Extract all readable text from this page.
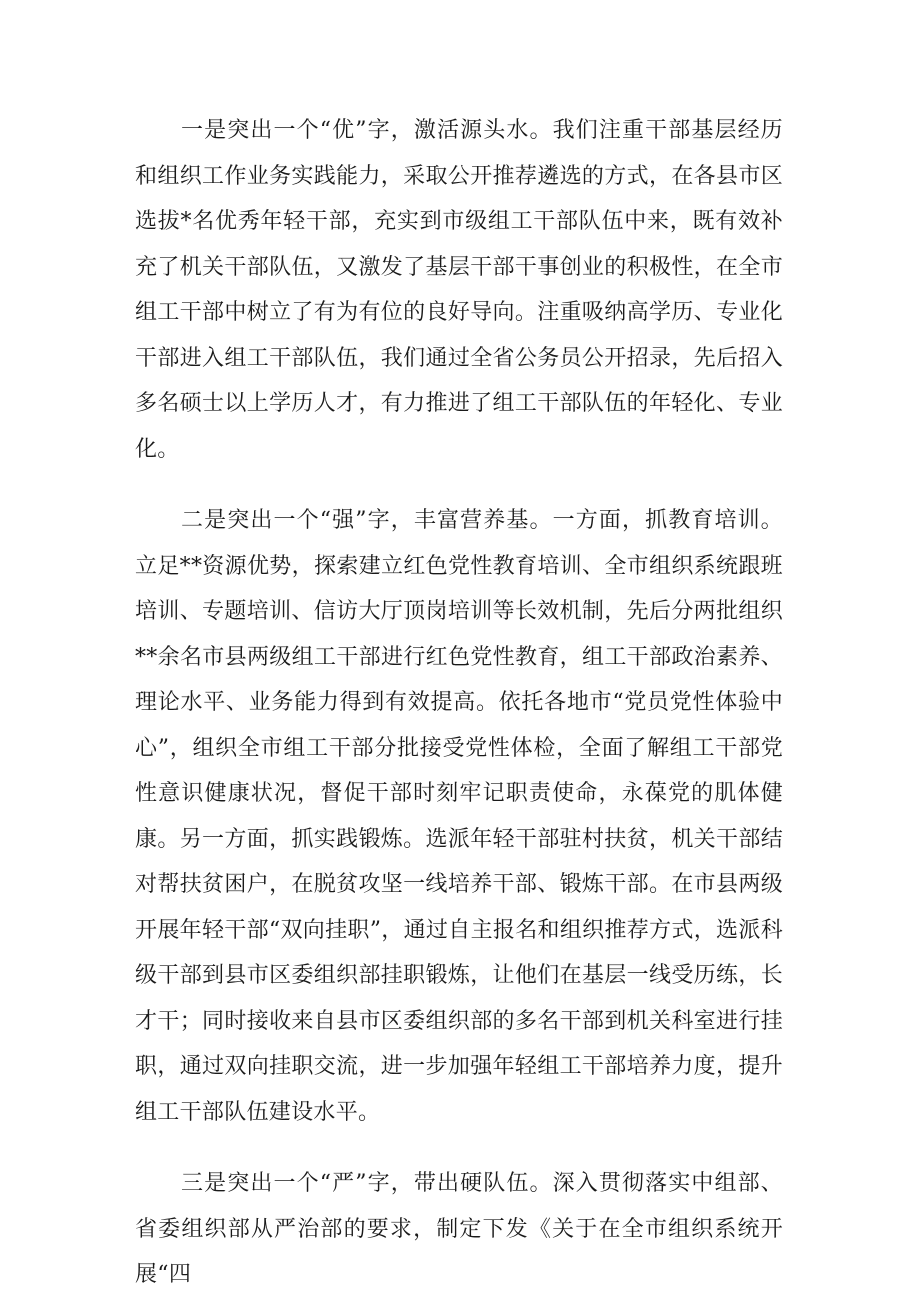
一是突出一个“优”字，激活源头水。我们注重干部基层经历和组织工作业务实践能力，采取公开推荐遴选的方式，在各县市区选拔*名优秀年轻干部，充实到市级组工干部队伍中来，既有效补充了机关干部队伍，又激发了基层干部干事创业的积极性，在全市组工干部中树立了有为有位的良好导向。注重吸纳高学历、专业化干部进入组工干部队伍，我们通过全省公务员公开招录，先后招入多名硕士以上学历人才，有力推进了组工干部队伍的年轻化、专业化。

二是突出一个“强”字，丰富营养基。一方面，抓教育培训。立足**资源优势，探索建立红色党性教育培训、全市组织系统跟班培训、专题培训、信访大厅顶岗培训等长效机制，先后分两批组织**余名市县两级组工干部进行红色党性教育，组工干部政治素养、理论水平、业务能力得到有效提高。依托各地市“党员党性体验中心”，组织全市组工干部分批接受党性体检，全面了解组工干部党性意识健康状况，督促干部时刻牢记职责使命，永葆党的肌体健康。另一方面，抓实践锻炼。选派年轻干部驻村扶贫，机关干部结对帮扶贫困户，在脱贫攻坚一线培养干部、锻炼干部。在市县两级开展年轻干部“双向挂职”，通过自主报名和组织推荐方式，选派科级干部到县市区委组织部挂职锻炼，让他们在基层一线受历练，长才干；同时接收来自县市区委组织部的多名干部到机关科室进行挂职，通过双向挂职交流，进一步加强年轻组工干部培养力度，提升组工干部队伍建设水平。

三是突出一个“严”字，带出硬队伍。深入贯彻落实中组部、省委组织部从严治部的要求，制定下发《关于在全市组织系统开展“四
